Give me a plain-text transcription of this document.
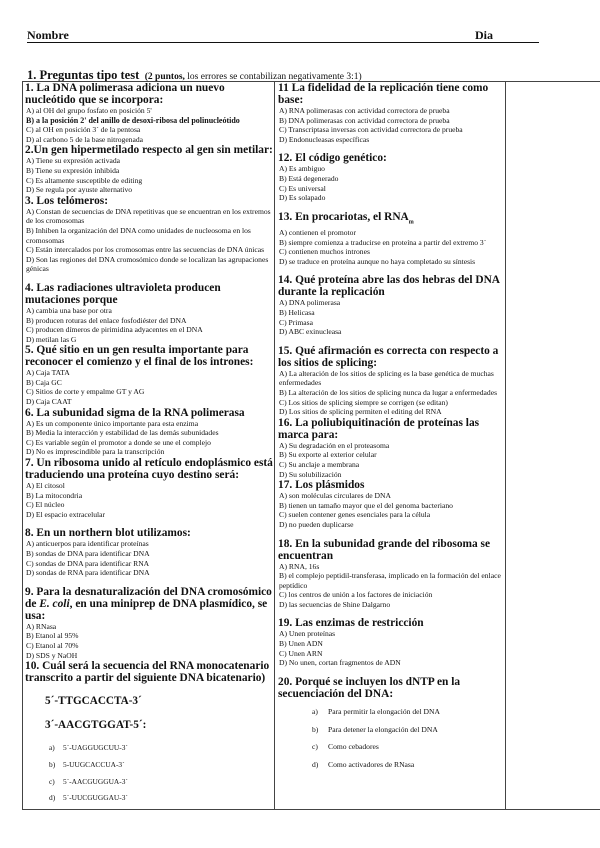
Nombre	Dia
1. Preguntas tipo test (2 puntos, los errores se contabilizan negativamente 3:1)

1. La DNA polimerasa adiciona un nuevo nucleótido que se incorpora:

A) al OH del grupo fosfato en posición 5'

B) a la posición 2' del anillo de desoxi-ribosa del polinucleótido

C) al OH en posición 3´ de la pentosa

D) al carbono 5 de la base nitrogenada

2.Un gen hipermetilado respecto al gen sin metilar:

A) Tiene su expresión activada

B) Tiene su expresión inhibida

C) Es altamente susceptible de editing

D) Se regula por ayuste alternativo

3. Los telómeros:

A) Constan de secuencias de DNA repetitivas que se encuentran en los extremos de los cromosomas

B) Inhiben la organización del DNA como unidades de nucleosoma en los cromosomas

C) Están intercalados por los cromosomas entre las secuencias de DNA únicas

D) Son las regiones del DNA cromosómico donde se localizan las agrupaciones génicas

4. Las radiaciones ultravioleta producen mutaciones porque

A) cambia una base por otra

B) producen roturas del enlace fosfodiéster del DNA

C) producen dímeros de pirimidina adyacentes en el DNA

D) metilan las G

5. Qué sitio en un gen resulta importante para reconocer el comienzo y el final de los intrones:

A) Caja TATA

B) Caja GC

C) Sitios de corte y empalme GT y AG

D) Caja CAAT

6. La subunidad sigma de la RNA polimerasa

A) Es un componente único importante para esta enzima

B) Media la interacción y estabilidad de las demás subunidades

C) Es variable según el promotor a donde se une el complejo

D) No es imprescindible para la transcripción

7. Un ribosoma unido al retículo endoplásmico está traduciendo una proteína cuyo destino será:

A) El citosol

B) La mitocondria

C) El núcleo

D) El espacio extracelular

8. En un northern blot utilizamos:

A) anticuerpos para identificar proteínas

B) sondas de DNA para identificar DNA

C) sondas de DNA para identificar RNA

D) sondas de RNA para identificar DNA

9. Para la desnaturalización del DNA cromosómico de E. coli, en una miniprep de DNA plasmídico, se usa:

A) RNasa

B) Etanol al 95%

C) Etanol al 70%

D) SDS y NaOH

10. Cuál será la secuencia del RNA monocatenario transcrito a partir del siguiente DNA bicatenario)

5´-TTGCACCTA-3´

3´-AACGTGGAT-5´:

a) 5´-UAGGUGCUU-3´

b) 5-UUGCACCUA-3´

c) 5´-AACGUGGUA-3´

d) 5´-UUCGUGGAU-3´

11 La fidelidad de la replicación tiene como base:

A) RNA polimerasas con actividad correctora de prueba

B) DNA polimerasas con actividad correctora de prueba

C) Transcriptasa inversas con actividad correctora de prueba

D) Endonucleasas específicas

12. El código genético:

A) Es ambiguo

B) Está degenerado

C) Es universal

D) Es solapado

13. En procariotas, el $RNA_m$

A) contienen el promotor

B) siempre comienza a traducirse en proteína a partir del extremo 3´

C) contienen muchos intrones

D) se traduce en proteína aunque no haya completado su síntesis

14. Qué proteína abre las dos hebras del DNA durante la replicación

A) DNA polimerasa

B) Helicasa

C) Primasa

D) ABC exinucleasa

15. Qué afirmación es correcta con respecto a los sitios de splicing:

A) La alteración de los sitios de splicing es la base genética de muchas enfermedades

B) La alteración de los sitios de splicing nunca da lugar a enfermedades

C) Los sitios de splicing siempre se corrigen (se editan)

D) Los sitios de splicing permiten el editing del RNA

16. La poliubiquitinación de proteínas las marca para:

A) Su degradación en el proteasoma

B) Su exporte al exterior celular

C) Su anclaje a membrana

D) Su solubilización

17. Los plásmidos

A) son moléculas circulares de DNA

B) tienen un tamaño mayor que el del genoma bacteriano

C) suelen contener genes esenciales para la célula

D) no pueden duplicarse

18. En la subunidad grande del ribosoma se encuentran

A) RNA, 16s

B) el complejo peptidil-transferasa, implicado en la formación del enlace peptídico

C) los centros de unión a los factores de iniciación

D) las secuencias de Shine Dalgarno

19. Las enzimas de restricción

A) Unen proteínas

B) Unen ADN

C) Unen ARN

D) No unen, cortan fragmentos de ADN

20. Porqué se incluyen los dNTP en la secuenciación del DNA:

a) Para permitir la elongación del DNA

b) Para detener la elongación del DNA

c) Como cebadores

d) Como activadores de RNasa
